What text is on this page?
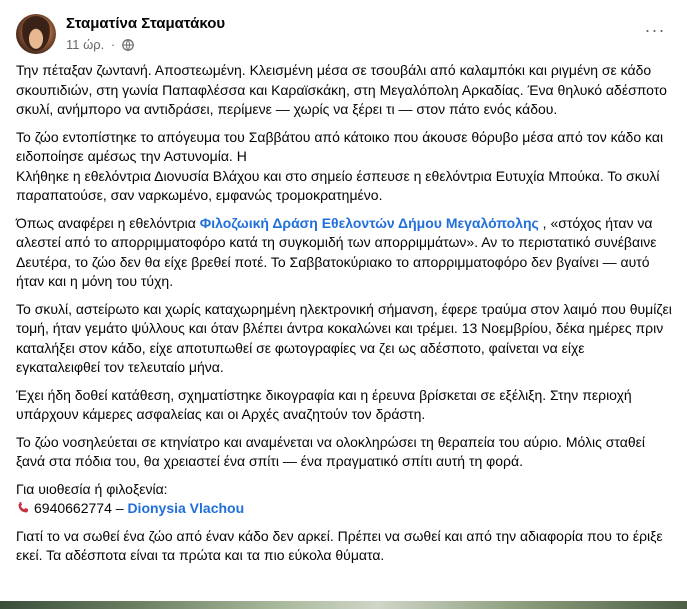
Σταματίνα Σταματάκου
11 ώρ. ·
···

Την πέταξαν ζωντανή. Αποστεωμένη. Κλεισμένη μέσα σε τσουβάλι από καλαμπόκι και ριγμένη σε κάδο σκουπιδιών, στη γωνία Παπαφλέσσα και Καραϊσκάκη, στη Μεγαλόπολη Αρκαδίας. Ένα θηλυκό αδέσποτο σκυλί, ανήμπορο να αντιδράσει, περίμενε — χωρίς να ξέρει τι — στον πάτο ενός κάδου.

Το ζώο εντοπίστηκε το απόγευμα του Σαββάτου από κάτοικο που άκουσε θόρυβο μέσα από τον κάδο και ειδοποίησε αμέσως την Αστυνομία. Η
Κλήθηκε η εθελόντρια Διονυσία Βλάχου και στο σημείο έσπευσε η εθελόντρια Ευτυχία Μπούκα. Το σκυλί παραπατούσε, σαν ναρκωμένο, εμφανώς τρομοκρατημένο.

Όπως αναφέρει η εθελόντρια Φιλοζωική Δράση Εθελοντών Δήμου Μεγαλόπολης , «στόχος ήταν να αλεστεί από το απορριμματοφόρο κατά τη συγκομιδή των απορριμμάτων». Αν το περιστατικό συνέβαινε Δευτέρα, το ζώο δεν θα είχε βρεθεί ποτέ. Το Σαββατοκύριακο το απορριμματοφόρο δεν βγαίνει — αυτό ήταν και η μόνη του τύχη.

Το σκυλί, αστείρωτο και χωρίς καταχωρημένη ηλεκτρονική σήμανση, έφερε τραύμα στον λαιμό που θυμίζει τομή, ήταν γεμάτο ψύλλους και όταν βλέπει άντρα κοκαλώνει και τρέμει. 13 Νοεμβρίου, δέκα ημέρες πριν καταλήξει στον κάδο, είχε αποτυπωθεί σε φωτογραφίες να ζει ως αδέσποτο, φαίνεται να είχε εγκαταλειφθεί τον τελευταίο μήνα.

Έχει ήδη δοθεί κατάθεση, σχηματίστηκε δικογραφία και η έρευνα βρίσκεται σε εξέλιξη. Στην περιοχή υπάρχουν κάμερες ασφαλείας και οι Αρχές αναζητούν τον δράστη.

Το ζώο νοσηλεύεται σε κτηνίατρο και αναμένεται να ολοκληρώσει τη θεραπεία του αύριο. Μόλις σταθεί ξανά στα πόδια του, θα χρειαστεί ένα σπίτι — ένα πραγματικό σπίτι αυτή τη φορά.

Για υιοθεσία ή φιλοξενία:
6940662774 – Dionysia Vlachou

Γιατί το να σωθεί ένα ζώο από έναν κάδο δεν αρκεί. Πρέπει να σωθεί και από την αδιαφορία που το έριξε εκεί. Τα αδέσποτα είναι τα πρώτα και τα πιο εύκολα θύματα.
